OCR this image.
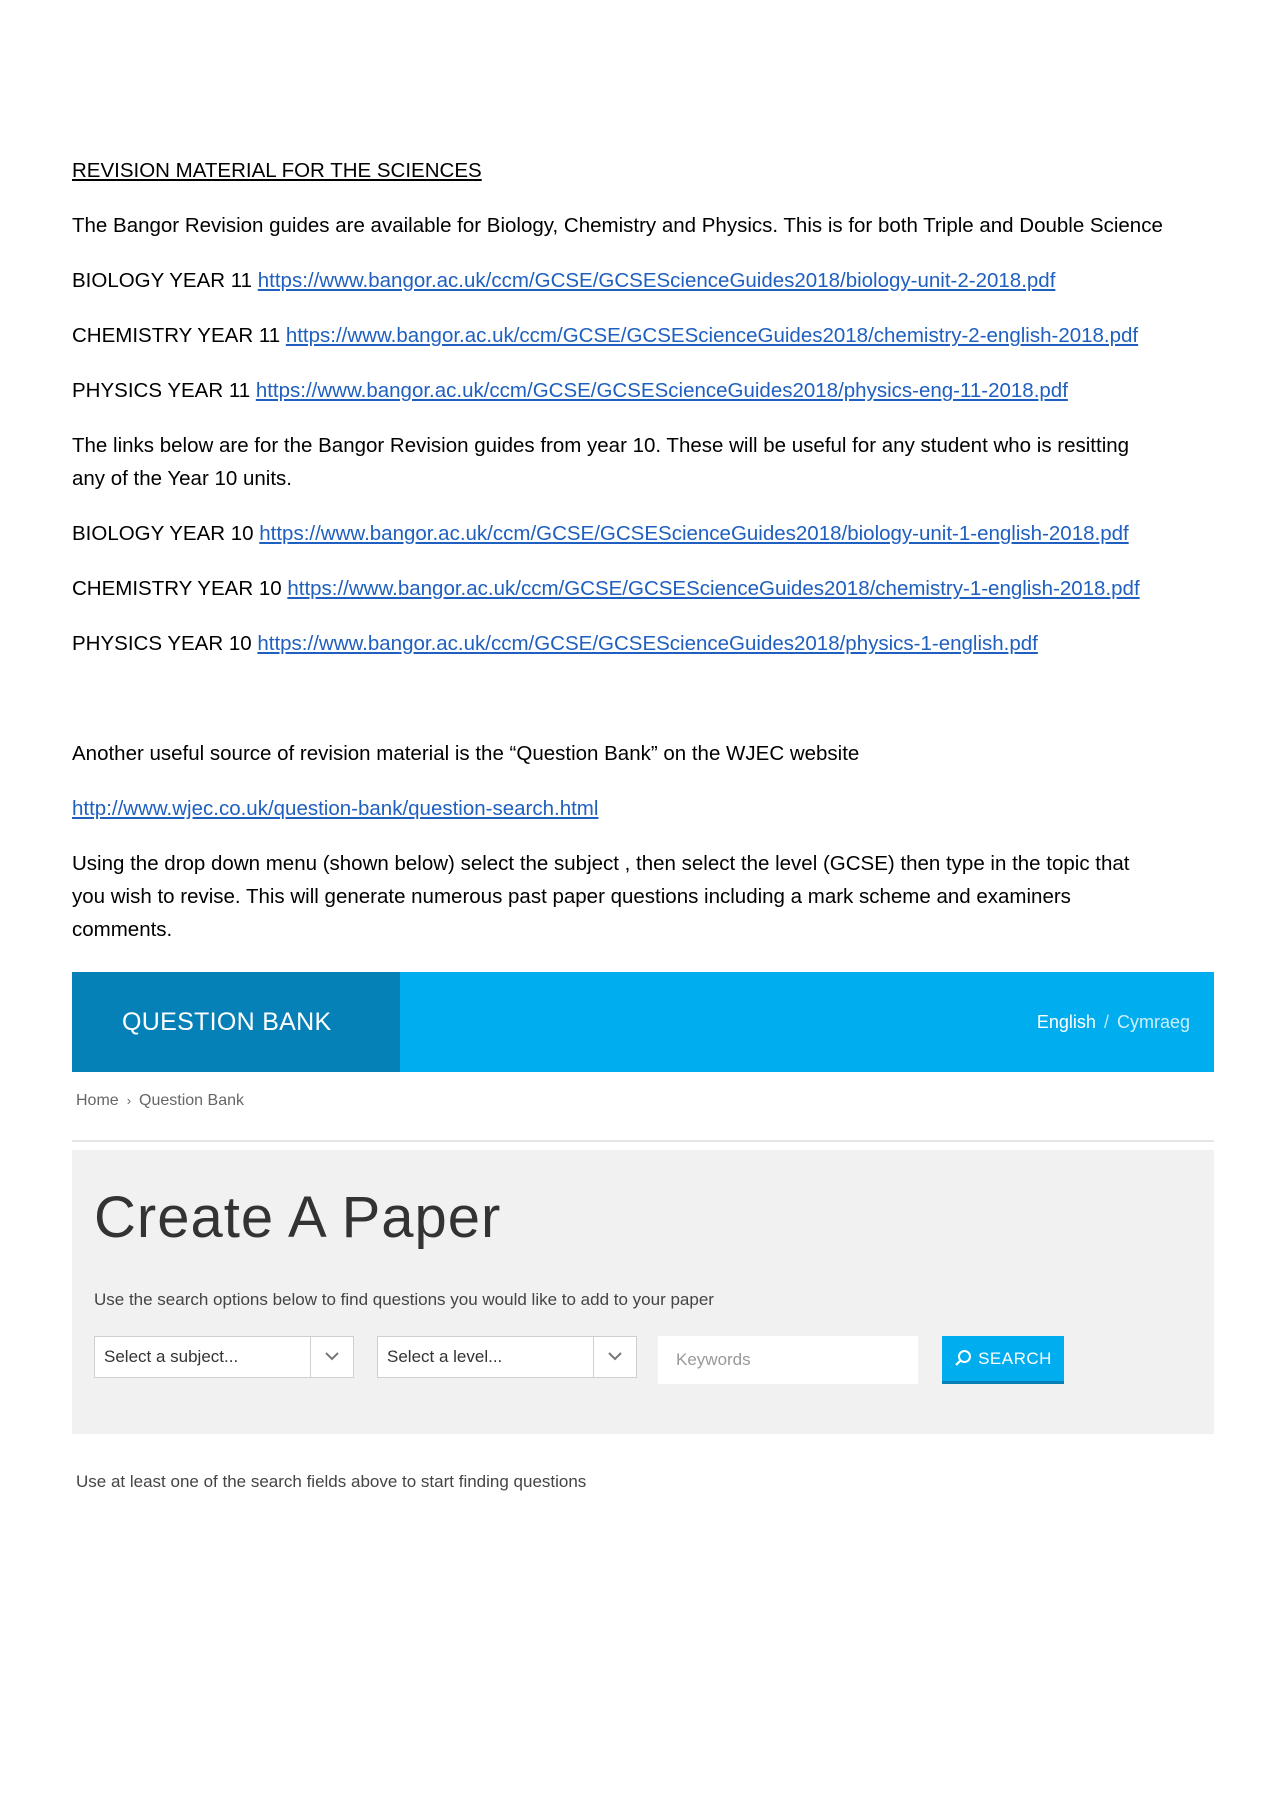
REVISION MATERIAL FOR THE SCIENCES
The Bangor Revision guides are available for Biology, Chemistry and Physics. This is for both Triple and Double Science
BIOLOGY YEAR 11 https://www.bangor.ac.uk/ccm/GCSE/GCSEScienceGuides2018/biology-unit-2-2018.pdf
CHEMISTRY YEAR 11 https://www.bangor.ac.uk/ccm/GCSE/GCSEScienceGuides2018/chemistry-2-english-2018.pdf
PHYSICS YEAR 11 https://www.bangor.ac.uk/ccm/GCSE/GCSEScienceGuides2018/physics-eng-11-2018.pdf
The links below are for the Bangor Revision guides from year 10. These will be useful for any student who is resitting
any of the Year 10 units.
BIOLOGY YEAR 10 https://www.bangor.ac.uk/ccm/GCSE/GCSEScienceGuides2018/biology-unit-1-english-2018.pdf
CHEMISTRY YEAR 10 https://www.bangor.ac.uk/ccm/GCSE/GCSEScienceGuides2018/chemistry-1-english-2018.pdf
PHYSICS YEAR 10 https://www.bangor.ac.uk/ccm/GCSE/GCSEScienceGuides2018/physics-1-english.pdf
Another useful source of revision material is the “Question Bank” on the WJEC website
http://www.wjec.co.uk/question-bank/question-search.html
Using the drop down menu (shown below) select the subject , then select the level (GCSE) then type in the topic that
you wish to revise. This will generate numerous past paper questions including a mark scheme and examiners
comments.
QUESTION BANK	English / Cymraeg
Home › Question Bank
Create A Paper
Use the search options below to find questions you would like to add to your paper
Select a subject...	Select a level...
Keywords	SEARCH
Use at least one of the search fields above to start finding questions
